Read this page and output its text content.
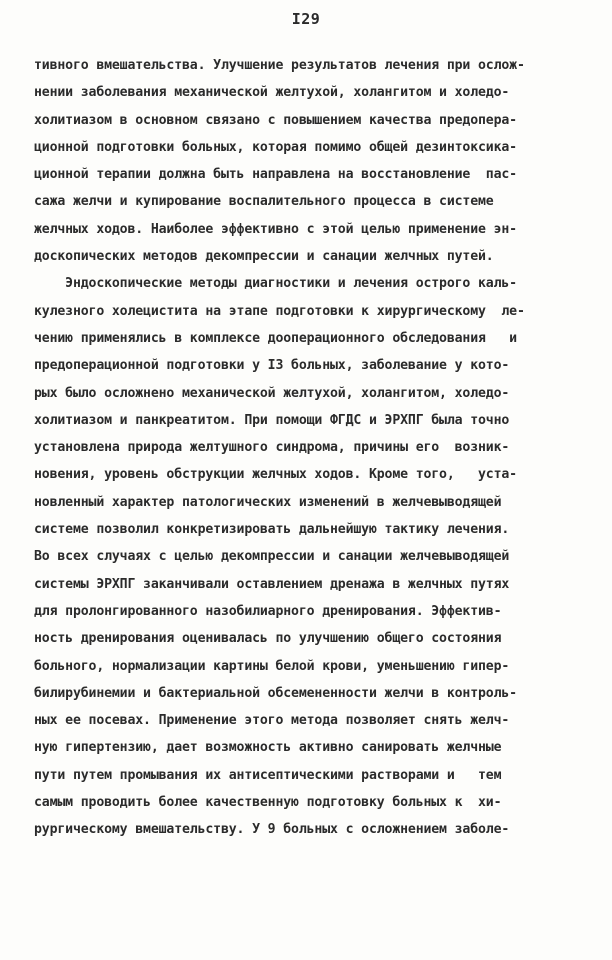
I29
тивного вмешательства. Улучшение результатов лечения при ослож-
нении заболевания механической желтухой, холангитом и холедо-
холитиазом в основном связано с повышением качества предопера-
ционной подготовки больных, которая помимо общей дезинтоксика-
ционной терапии должна быть направлена на восстановление  пас-
сажа желчи и купирование воспалительного процесса в системе
желчных ходов. Наиболее эффективно с этой целью применение эн-
доскопических методов декомпрессии и санации желчных путей.
Эндоскопические методы диагностики и лечения острого каль-
кулезного холецистита на этапе подготовки к хирургическому  ле-
чению применялись в комплексе дооперационного обследования   и
предоперационной подготовки у I3 больных, заболевание у кото-
рых было осложнено механической желтухой, холангитом, холедо-
холитиазом и панкреатитом. При помощи ФГДС и ЭРХПГ была точно
установлена природа желтушного синдрома, причины его  возник-
новения, уровень обструкции желчных ходов. Кроме того,   уста-
новленный характер патологических изменений в желчевыводящей
системе позволил конкретизировать дальнейшую тактику лечения.
Во всех случаях с целью декомпрессии и санации желчевыводящей
системы ЭРХПГ заканчивали оставлением дренажа в желчных путях
для пролонгированного назобилиарного дренирования. Эффектив-
ность дренирования оценивалась по улучшению общего состояния
больного, нормализации картины белой крови, уменьшению гипер-
билирубинемии и бактериальной обсемененности желчи в контроль-
ных ее посевах. Применение этого метода позволяет снять желч-
ную гипертензию, дает возможность активно санировать желчные
пути путем промывания их антисептическими растворами и   тем
самым проводить более качественную подготовку больных к  хи-
рургическому вмешательству. У 9 больных с осложнением заболе-
